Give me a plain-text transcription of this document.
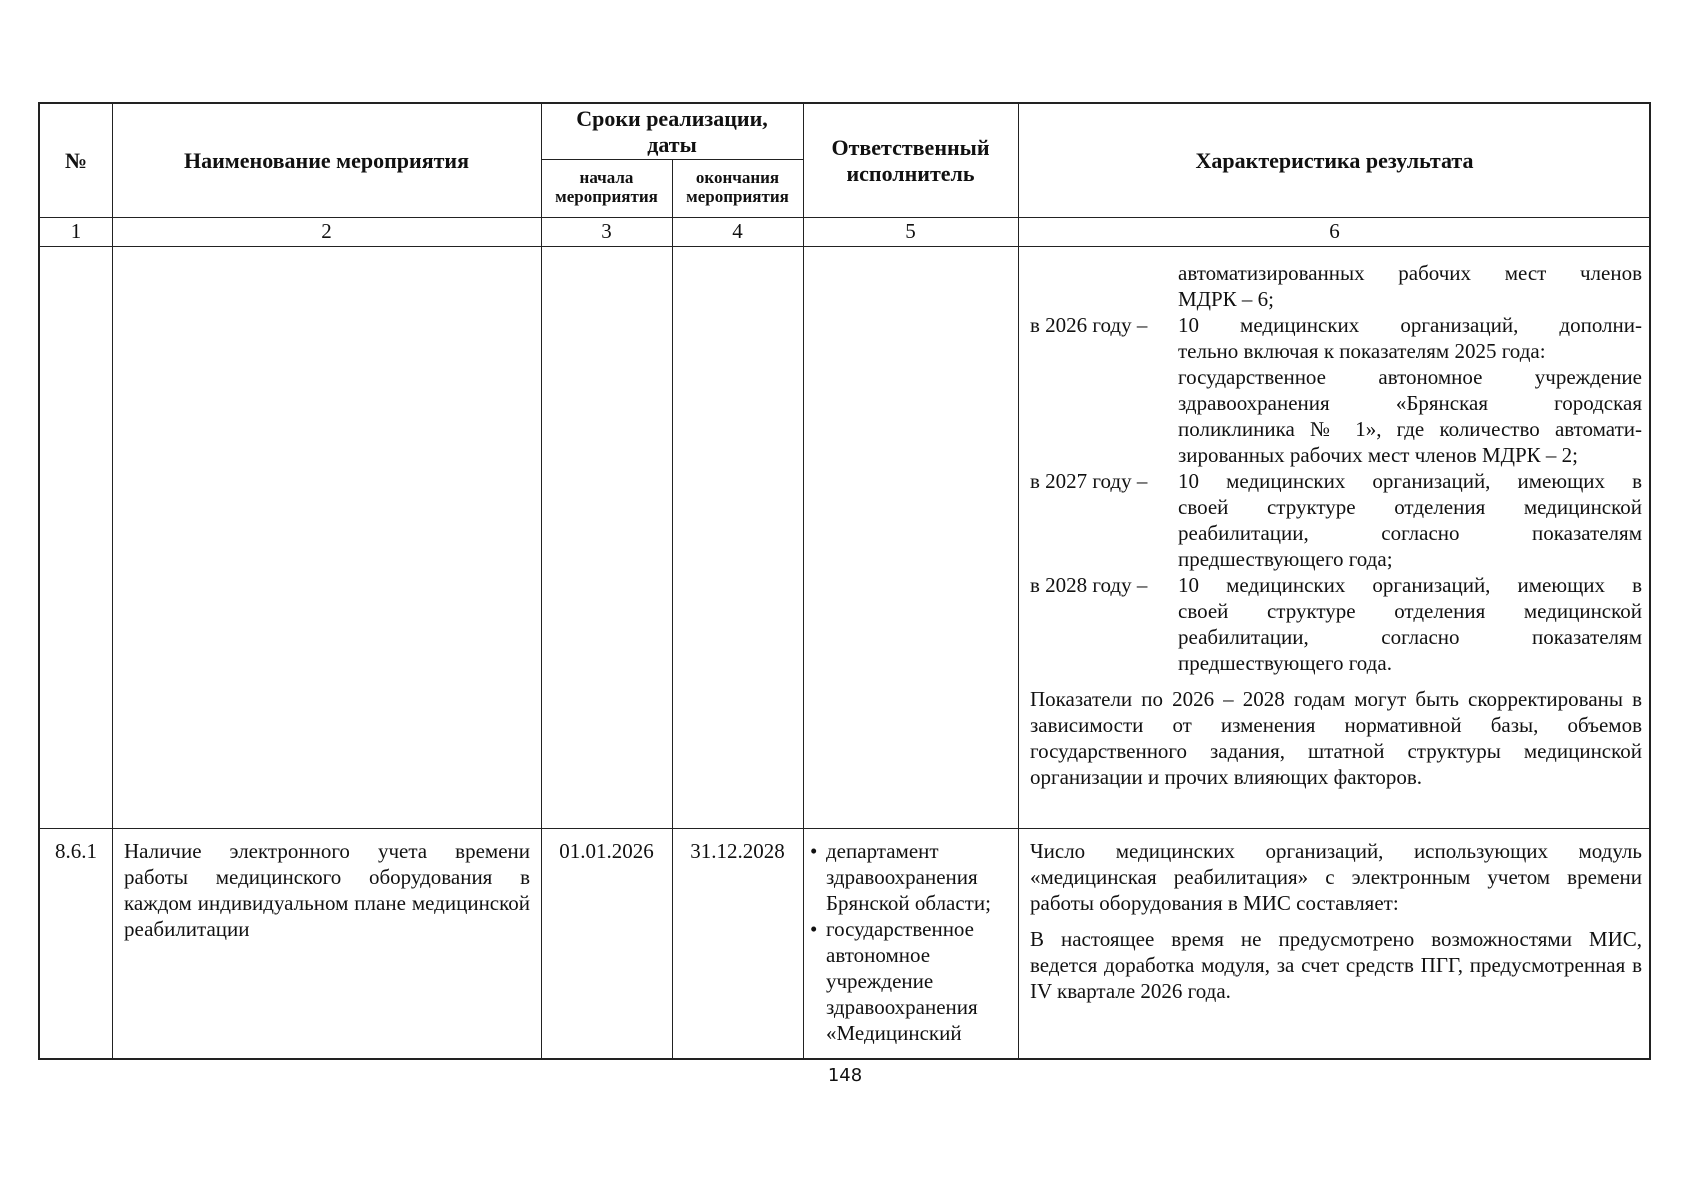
№	Наименование мероприятия
Сроки реализации, даты
начала мероприятия
окончания мероприятия
Ответственный исполнитель
Характеристика результата
1	2	3	4	5	6
автоматизированных рабочих мест членов
МДРК – 6;
в 2026 году –	10 медицинских организаций, дополни-
тельно включая к показателям 2025 года:
государственное автономное учреждение
здравоохранения «Брянская городская
поликлиника № 1», где количество автомати-
зированных рабочих мест членов МДРК – 2;
в 2027 году –	10 медицинских организаций, имеющих в
своей структуре отделения медицинской
реабилитации, согласно показателям
предшествующего года;
в 2028 году –	10 медицинских организаций, имеющих в
своей структуре отделения медицинской
реабилитации, согласно показателям
предшествующего года.
Показатели по 2026 – 2028 годам могут быть скорректированы в зависимости от изменения нормативной базы, объемов государственного задания, штатной структуры медицинской организации и прочих влияющих факторов.
8.6.1	Наличие электронного учета времени работы медицинского оборудования в каждом индивидуальном плане медицинской реабилитации
01.01.2026	31.12.2028
•	департамент здравоохранения Брянской области;
• государственное автономное учреждение здравоохранения «Медицинский
Число медицинских организаций, использующих модуль «медицинская реабилитация» с электронным учетом времени работы оборудования в МИС составляет:
В настоящее время не предусмотрено возможностями МИС, ведется доработка модуля, за счет средств ПГГ, предусмотренная в IV квартале 2026 года.
148
